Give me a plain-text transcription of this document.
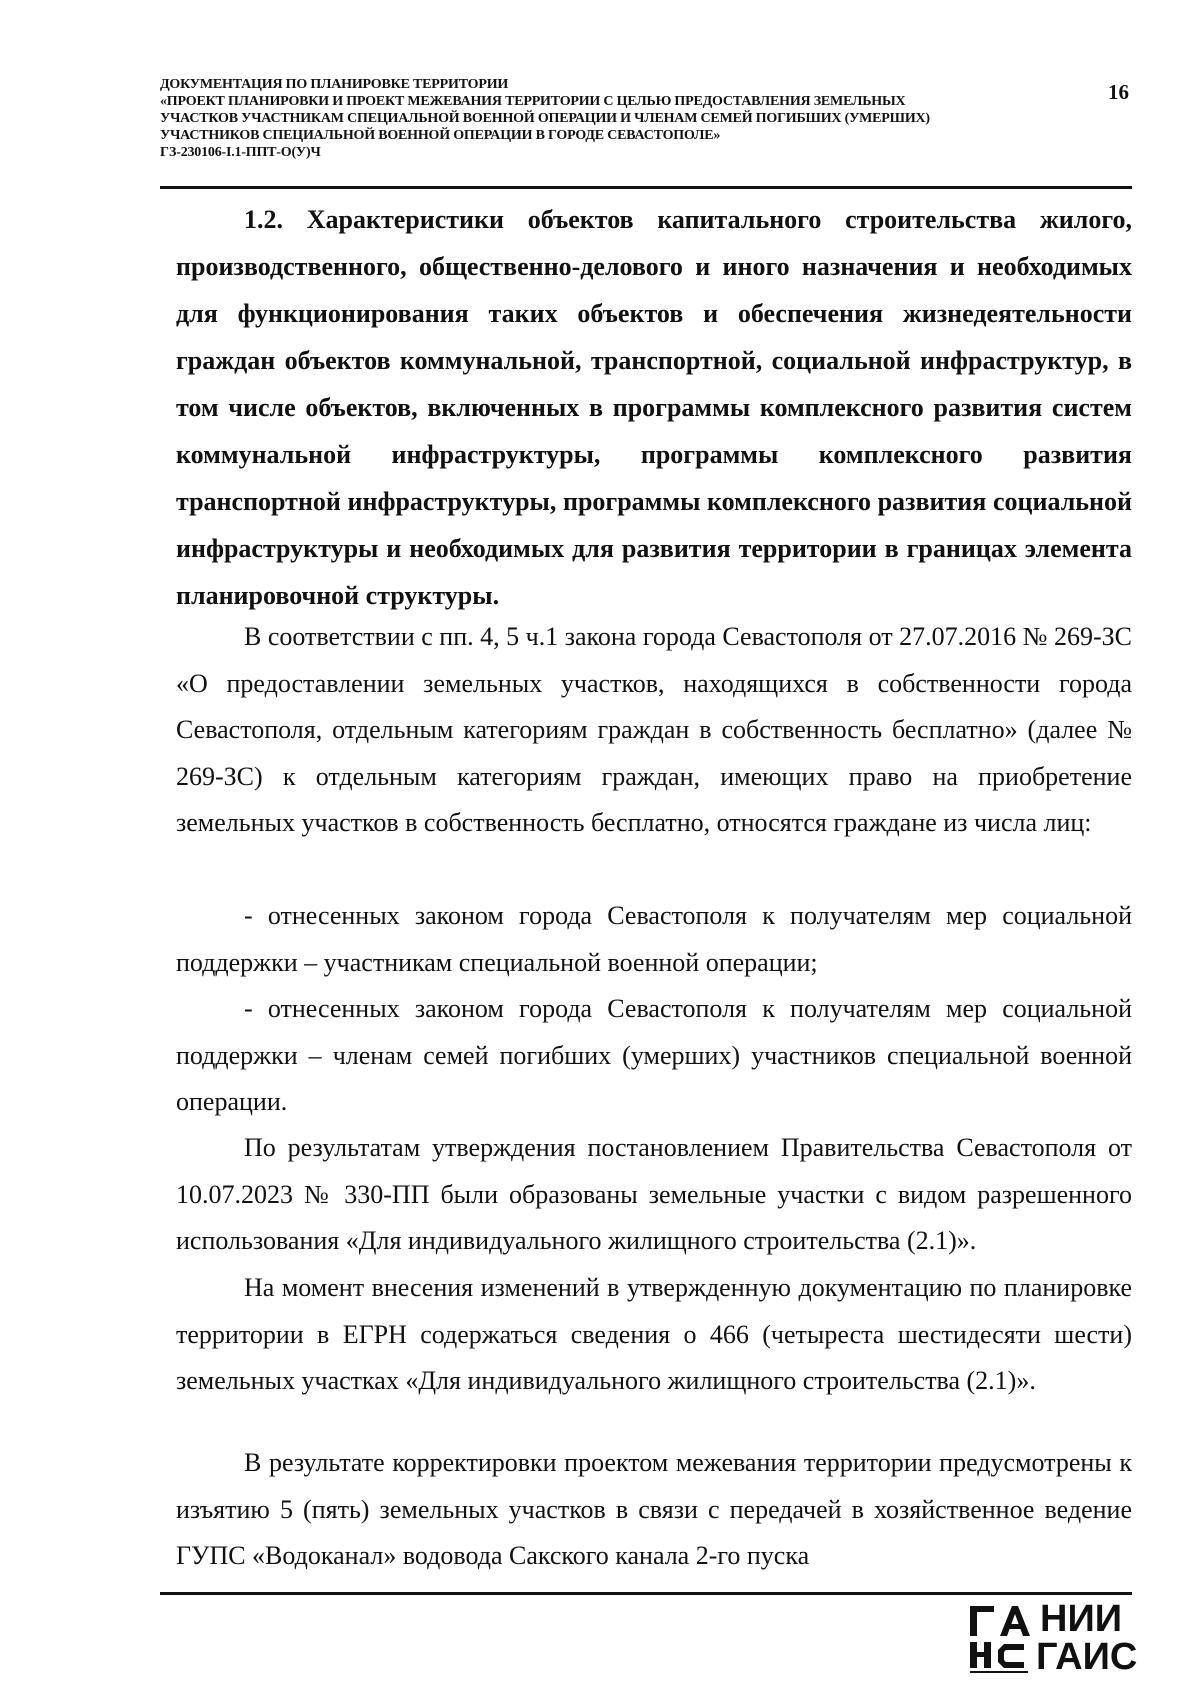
ДОКУМЕНТАЦИЯ ПО ПЛАНИРОВКЕ ТЕРРИТОРИИ
«ПРОЕКТ ПЛАНИРОВКИ И ПРОЕКТ МЕЖЕВАНИЯ ТЕРРИТОРИИ С ЦЕЛЬЮ ПРЕДОСТАВЛЕНИЯ ЗЕМЕЛЬНЫХ
УЧАСТКОВ УЧАСТНИКАМ СПЕЦИАЛЬНОЙ ВОЕННОЙ ОПЕРАЦИИ И ЧЛЕНАМ СЕМЕЙ ПОГИБШИХ (УМЕРШИХ)
УЧАСТНИКОВ СПЕЦИАЛЬНОЙ ВОЕННОЙ ОПЕРАЦИИ В ГОРОДЕ СЕВАСТОПОЛЕ»
ГЗ-230106-I.1-ППТ-О(У)Ч
16
1.2. Характеристики объектов капитального строительства жилого, производственного, общественно-делового и иного назначения и необходимых для функционирования таких объектов и обеспечения жизнедеятельности граждан объектов коммунальной, транспортной, социальной инфраструктур, в том числе объектов, включенных в программы комплексного развития систем коммунальной инфраструктуры, программы комплексного развития транспортной инфраструктуры, программы комплексного развития социальной инфраструктуры и необходимых для развития территории в границах элемента планировочной структуры.

В соответствии с пп. 4, 5 ч.1 закона города Севастополя от 27.07.2016 № 269-ЗС «О предоставлении земельных участков, находящихся в собственности города Севастополя, отдельным категориям граждан в собственность бесплатно» (далее № 269-ЗС) к отдельным категориям граждан, имеющих право на приобретение земельных участков в собственность бесплатно, относятся граждане из числа лиц:

- отнесенных законом города Севастополя к получателям мер социальной поддержки – участникам специальной военной операции;

- отнесенных законом города Севастополя к получателям мер социальной поддержки – членам семей погибших (умерших) участников специальной военной операции.

По результатам утверждения постановлением Правительства Севастополя от 10.07.2023 № 330-ПП были образованы земельные участки с видом разрешенного использования «Для индивидуального жилищного строительства (2.1)».

На момент внесения изменений в утвержденную документацию по планировке территории в ЕГРН содержаться сведения о 466 (четыреста шестидесяти шести) земельных участках «Для индивидуального жилищного строительства (2.1)».

В результате корректировки проектом межевания территории предусмотрены к изъятию 5 (пять) земельных участков в связи с передачей в хозяйственное ведение ГУПС «Водоканал» водовода Сакского канала 2-го пуска

НИИ
ГАИС
